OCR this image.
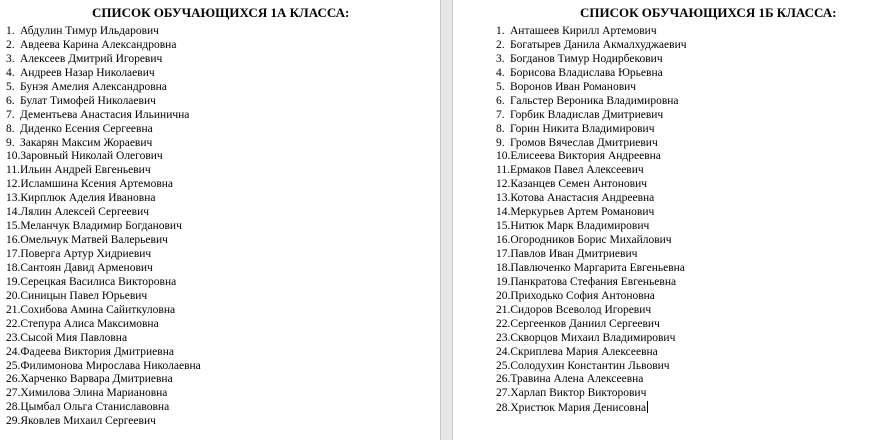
СПИСОК ОБУЧАЮЩИХСЯ 1А КЛАССА:
1. Абдулин Тимур Ильдарович
2. Авдеева Карина Александровна
3. Алексеев Дмитрий Игоревич
4. Андреев Назар Николаевич
5. Бунэя Амелия Александровна
6. Булат Тимофей Николаевич
7. Дементьева Анастасия Ильинична
8. Диденко Есения Сергеевна
9. Закарян Максим Жораевич
10.Заровный Николай Олегович
11.Ильин Андрей Евгеньевич
12.Исламшина Ксения Артемовна
13.Кирплюк Аделия Ивановна
14.Лялин Алексей Сергеевич
15.Меланчук Владимир Богданович
16.Омельчук Матвей Валерьевич
17.Поверга Артур Хидриевич
18.Сантоян Давид Арменович
19.Серецкая Василиса Викторовна
20.Синицын Павел Юрьевич
21.Сохибова Амина Сайиткуловна
22.Степура Алиса Максимовна
23.Сысой Мия Павловна
24.Фадеева Виктория Дмитриевна
25.Филимонова Мирослава Николаевна
26.Харченко Варвара Дмитриевна
27.Химилова Элина Мариановна
28.Цымбал Ольга Станиславовна
29.Яковлев Михаил Сергеевич
СПИСОК ОБУЧАЮЩИХСЯ 1Б КЛАССА:
1. Анташеев Кирилл Артемович
2. Богатырев Данила Акмалхуджаевич
3. Богданов Тимур Нодирбекович
4. Борисова Владислава Юрьевна
5. Воронов Иван Романович
6. Гальстер Вероника Владимировна
7. Горбик Владислав Дмитриевич
8. Горин Никита Владимирович
9. Громов Вячеслав Дмитриевич
10.Елисеева Виктория Андреевна
11.Ермаков Павел Алексеевич
12.Казанцев Семен Антонович
13.Котова Анастасия Андреевна
14.Меркурьев Артем Романович
15.Нитюк Марк Владимирович
16.Огородников Борис Михайлович
17.Павлов Иван Дмитриевич
18.Павлюченко Маргарита Евгеньевна
19.Панкратова Стефания Евгеньевна
20.Приходько София Антоновна
21.Сидоров Всеволод Игоревич
22.Сергеенков Даниил Сергеевич
23.Скворцов Михаил Владимирович
24.Скриплева Мария Алексеевна
25.Солодухин Константин Львович
26.Травина Алена Алексеевна
27.Харлап Виктор Викторович
28.Христюк Мария Денисовна
